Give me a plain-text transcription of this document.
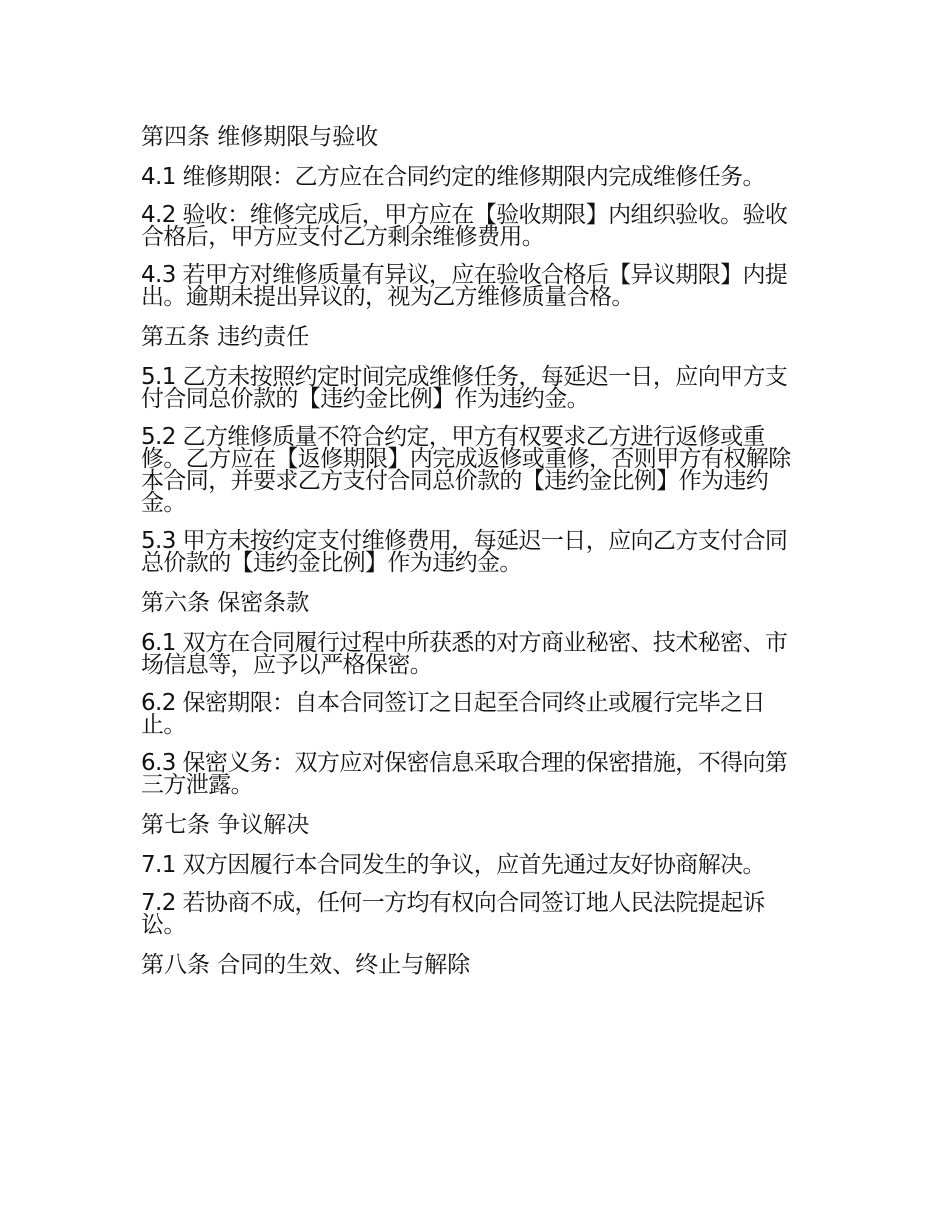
第四条 维修期限与验收
4.1 维修期限：乙方应在合同约定的维修期限内完成维修任务。
4.2 验收：维修完成后，甲方应在【验收期限】内组织验收。验收合格后，甲方应支付乙方剩余维修费用。
4.3 若甲方对维修质量有异议，应在验收合格后【异议期限】内提出。逾期未提出异议的，视为乙方维修质量合格。
第五条 违约责任
5.1 乙方未按照约定时间完成维修任务，每延迟一日，应向甲方支付合同总价款的【违约金比例】作为违约金。
5.2 乙方维修质量不符合约定，甲方有权要求乙方进行返修或重修。乙方应在【返修期限】内完成返修或重修，否则甲方有权解除本合同，并要求乙方支付合同总价款的【违约金比例】作为违约金。
5.3 甲方未按约定支付维修费用，每延迟一日，应向乙方支付合同总价款的【违约金比例】作为违约金。
第六条 保密条款
6.1 双方在合同履行过程中所获悉的对方商业秘密、技术秘密、市场信息等，应予以严格保密。
6.2 保密期限：自本合同签订之日起至合同终止或履行完毕之日止。
6.3 保密义务：双方应对保密信息采取合理的保密措施，不得向第三方泄露。
第七条 争议解决
7.1 双方因履行本合同发生的争议，应首先通过友好协商解决。
7.2 若协商不成，任何一方均有权向合同签订地人民法院提起诉讼。
第八条 合同的生效、终止与解除
